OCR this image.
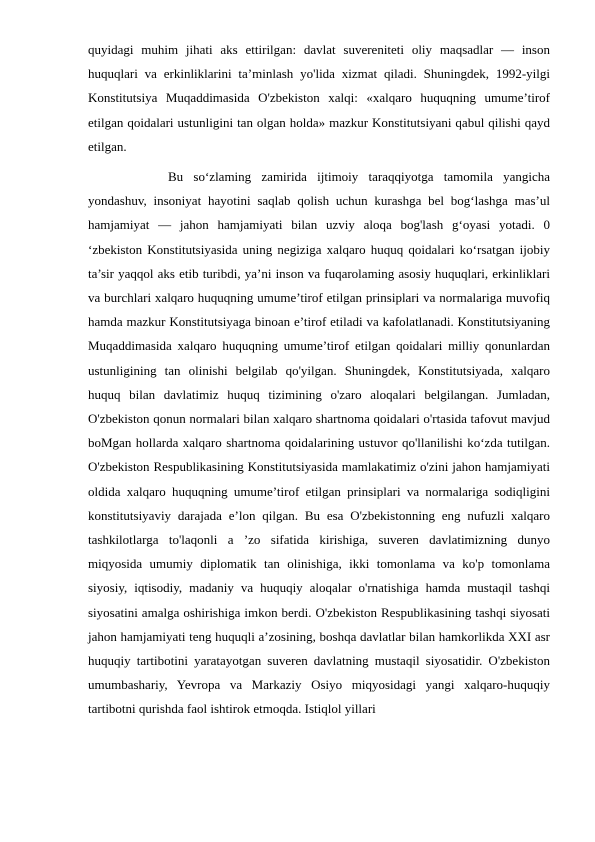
quyidagi muhim jihati aks ettirilgan: davlat suvereniteti oliy maqsadlar — inson huquqlari va erkinliklarini ta’minlash yo'lida xizmat qiladi. Shuningdek, 1992-yilgi Konstitutsiya Muqaddimasida O'zbekiston xalqi: «xalqaro huquqning umume’tirof etilgan qoidalari ustunligini tan olgan holda» mazkur Konstitutsiyani qabul qilishi qayd etilgan.

Bu so‘zlaming zamirida ijtimoiy taraqqiyotga tamomila yangicha yondashuv, insoniyat hayotini saqlab qolish uchun kurashga bel bog‘lashga mas’ul hamjamiyat — jahon hamjamiyati bilan uzviy aloqa bog'lash g‘oyasi yotadi. 0 ‘zbekiston Konstitutsiyasida uning negiziga xalqaro huquq qoidalari ko‘rsatgan ijobiy ta’sir yaqqol aks etib turibdi, ya’ni inson va fuqarolaming asosiy huquqlari, erkinliklari va burchlari xalqaro huquqning umume’tirof etilgan prinsiplari va normalariga muvofiq hamda mazkur Konstitutsiyaga binoan e’tirof etiladi va kafolatlanadi. Konstitutsiyaning Muqaddimasida xalqaro huquqning umume’tirof etilgan qoidalari milliy qonunlardan ustunligining tan olinishi belgilab qo'yilgan. Shuningdek, Konstitutsiyada, xalqaro huquq bilan davlatimiz huquq tizimining o'zaro aloqalari belgilangan. Jumladan, O'zbekiston qonun normalari bilan xalqaro shartnoma qoidalari o'rtasida tafovut mavjud boMgan hollarda xalqaro shartnoma qoidalarining ustuvor qo'llanilishi ko‘zda tutilgan. O'zbekiston Respublikasining Konstitutsiyasida mamlakatimiz o'zini jahon hamjamiyati oldida xalqaro huquqning umume’tirof etilgan prinsiplari va normalariga sodiqligini konstitutsiyaviy darajada e’lon qilgan. Bu esa O'zbekistonning eng nufuzli xalqaro tashkilotlarga to'laqonli a ’zo sifatida kirishiga, suveren davlatimizning dunyo miqyosida umumiy diplomatik tan olinishiga, ikki tomonlama va ko'p tomonlama siyosiy, iqtisodiy, madaniy va huquqiy aloqalar o'rnatishiga hamda mustaqil tashqi siyosatini amalga oshirishiga imkon berdi. O'zbekiston Respublikasining tashqi siyosati jahon hamjamiyati teng huquqli a’zosining, boshqa davlatlar bilan hamkorlikda XXI asr huquqiy tartibotini yaratayotgan suveren davlatning mustaqil siyosatidir. O'zbekiston umumbashariy, Yevropa va Markaziy Osiyo miqyosidagi yangi xalqaro-huquqiy tartibotni qurishda faol ishtirok etmoqda. Istiqlol yillari
